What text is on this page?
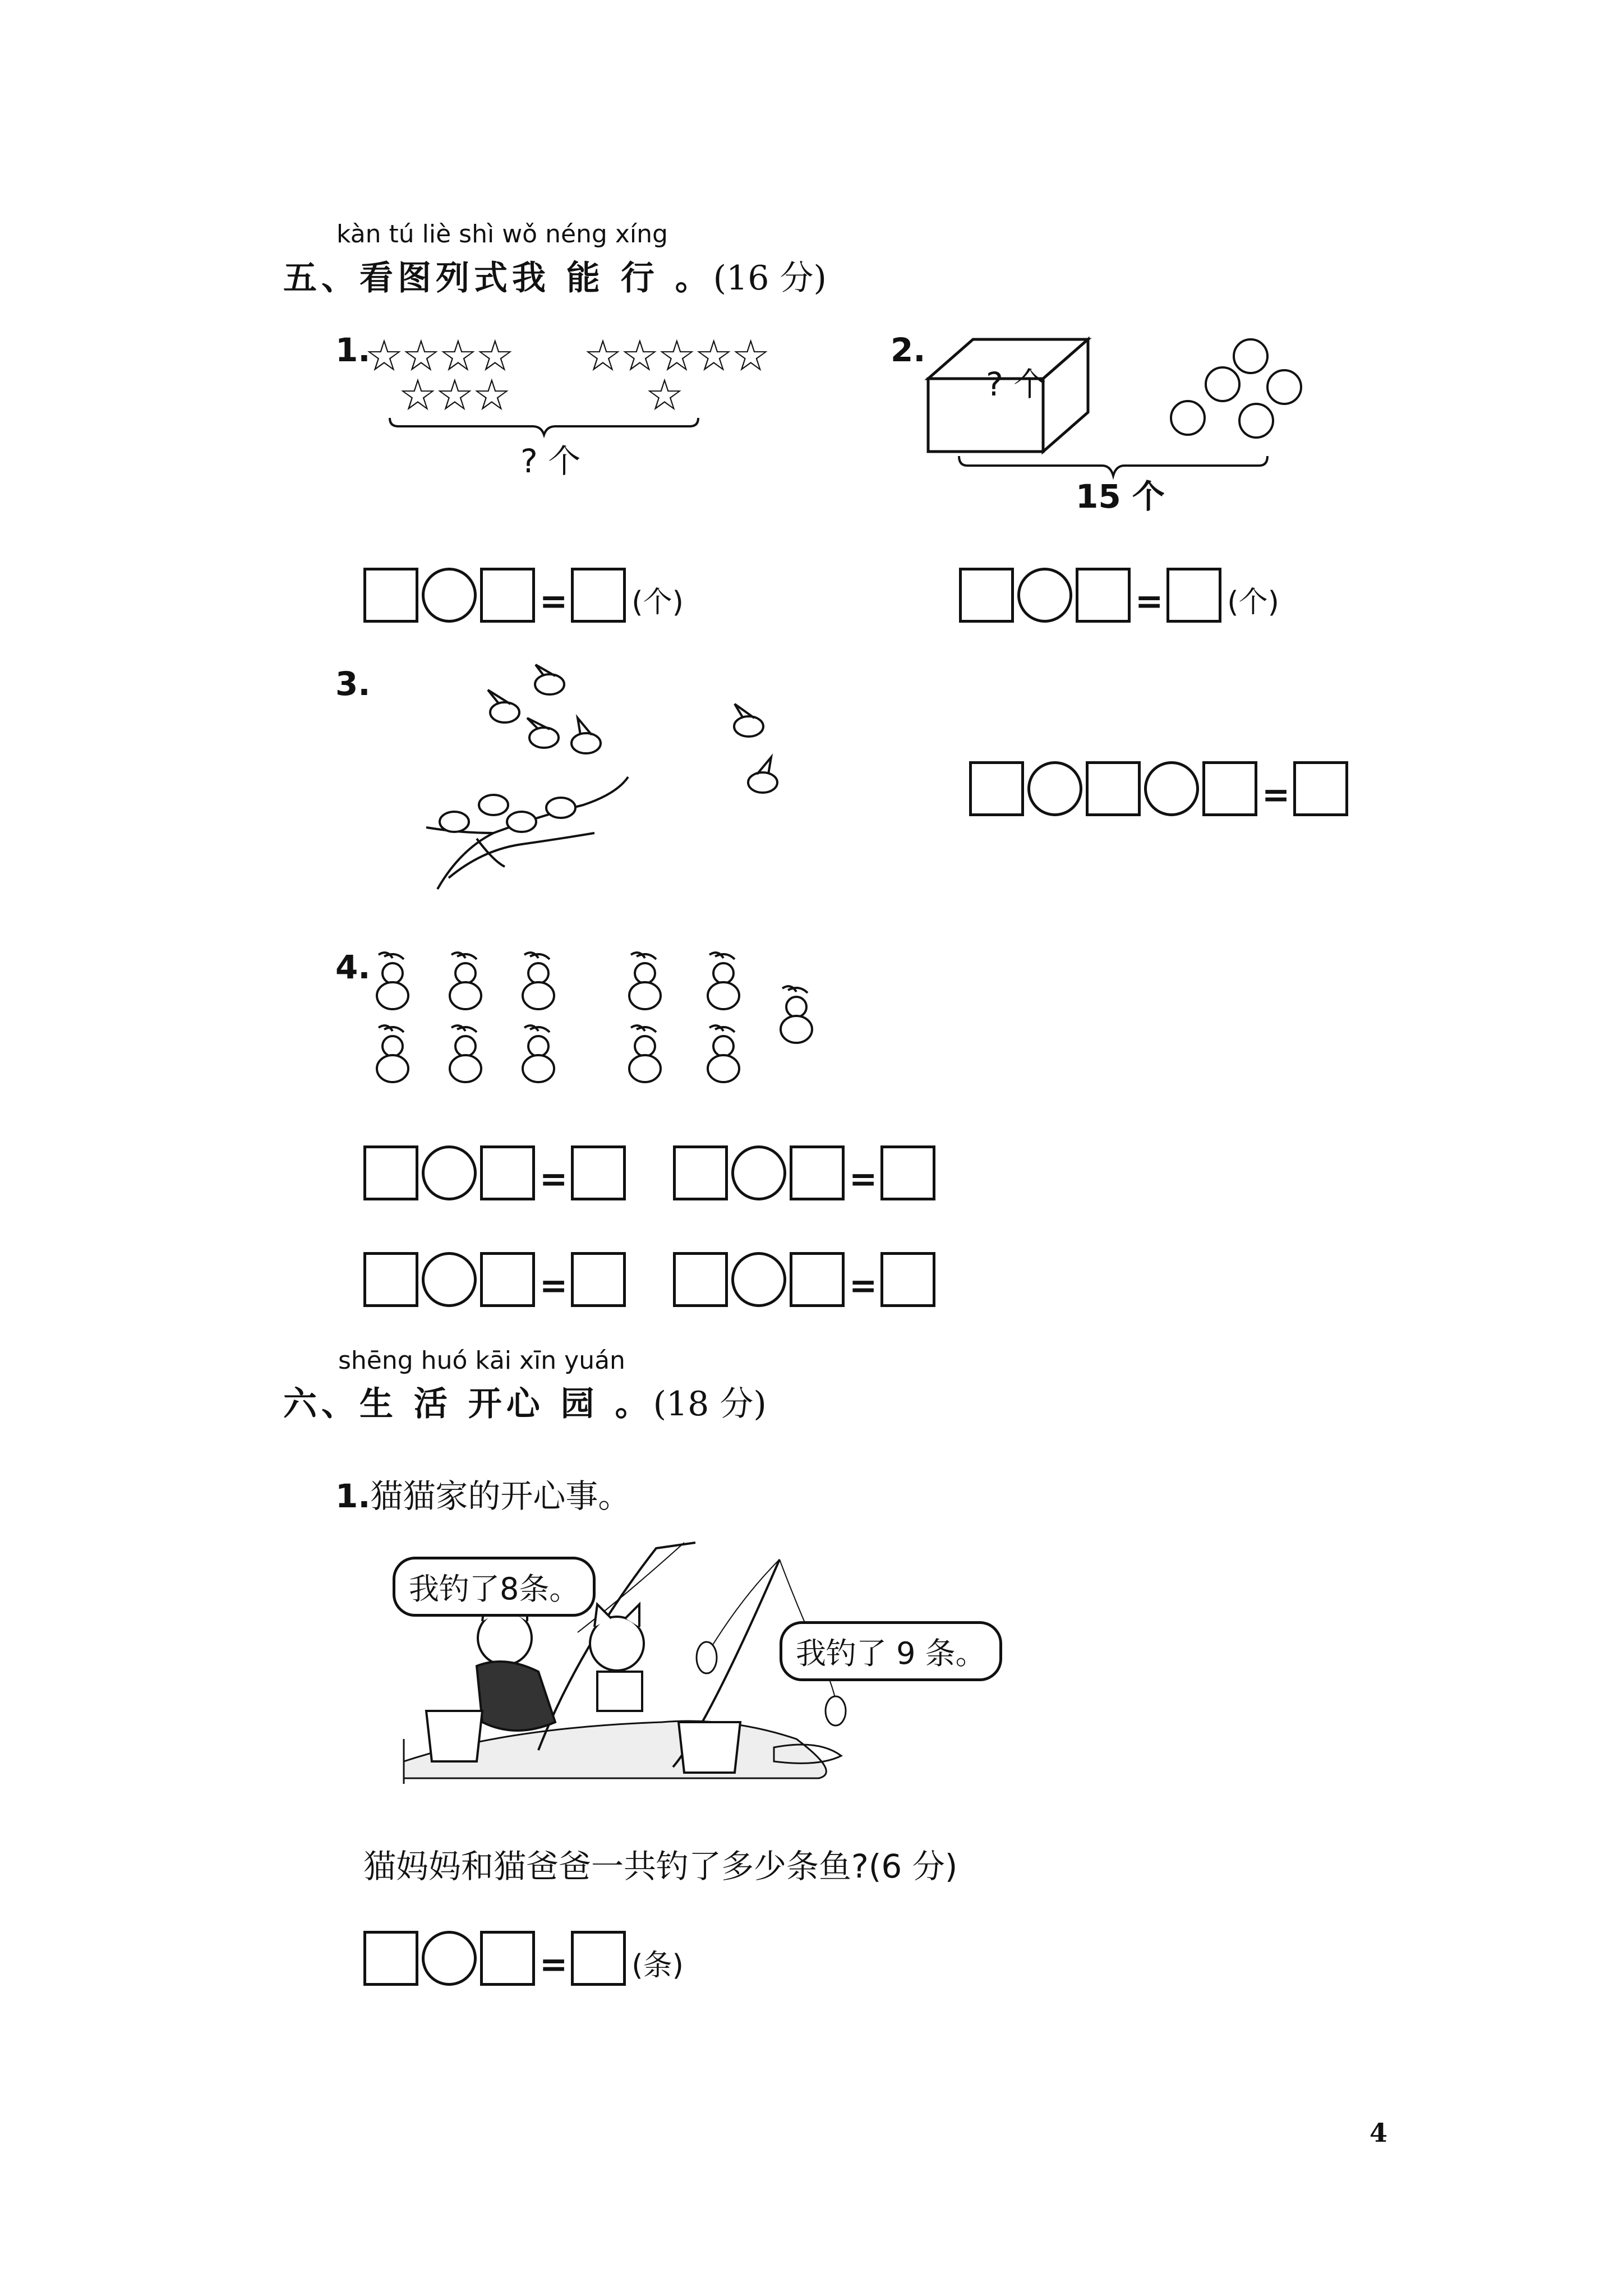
kàn tú liè shì wǒ néng xíng
五、看图列式我 能 行 。(16 分)
1.
☆☆☆☆ ☆☆☆☆☆
☆☆☆	☆
? 个
= (个)
2.
? 个
15 个
= (个)
3.
=
4.
=	=
=	=
shēng huó kāi xīn yuán
六、生 活 开心 园 。(18 分)
1.猫猫家的开心事。
我钓了8条。
我钓了 9 条。
猫妈妈和猫爸爸一共钓了多少条鱼?(6 分)
= (条)
4
